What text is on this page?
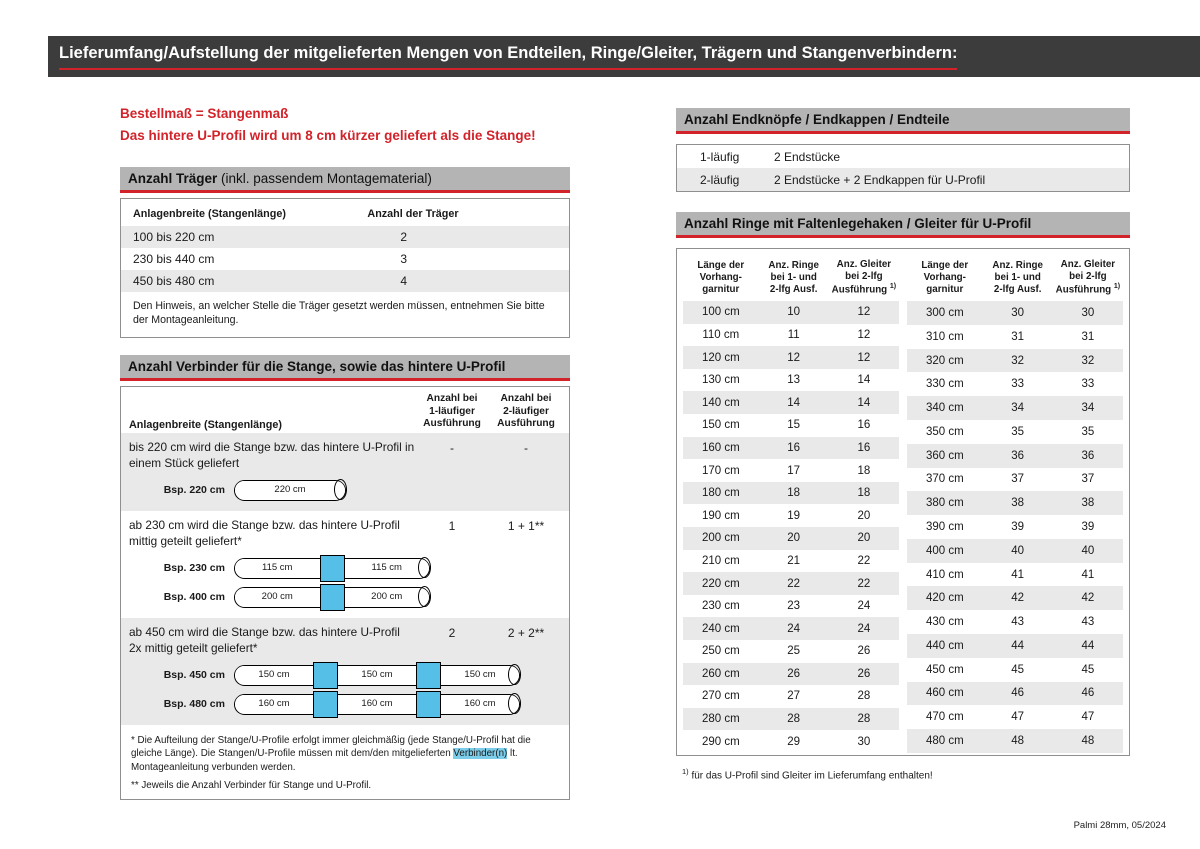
Lieferumfang/Aufstellung der mitgelieferten Mengen von Endteilen, Ringe/Gleiter, Trägern und Stangenverbindern:
Bestellmaß = Stangenmaß
Das hintere U-Profil wird um 8 cm kürzer geliefert als die Stange!
Anzahl Träger (inkl. passendem Montagematerial)
Anlagenbreite (Stangenlänge)	Anzahl der Träger
100 bis 220 cm	2
230 bis 440 cm	3
450 bis 480 cm	4
Den Hinweis, an welcher Stelle die Träger gesetzt werden müssen, entnehmen Sie bitte der Montageanleitung.
Anzahl Verbinder für die Stange, sowie das hintere U-Profil
Anlagenbreite (Stangenlänge)
Anzahl bei
1-läufiger
Ausführung
Anzahl bei
2-läufiger
Ausführung
bis 220 cm wird die Stange bzw. das hintere U-Profil in einem Stück geliefert
-	-
Bsp. 220 cm	220 cm
ab 230 cm wird die Stange bzw. das hintere U-Profil mittig geteilt geliefert*
1	1 + 1**
Bsp. 230 cm	115 cm	115 cm
Bsp. 400 cm	200 cm	200 cm
ab 450 cm wird die Stange bzw. das hintere U-Profil 2x mittig geteilt geliefert*
2	2 + 2**
Bsp. 450 cm	150 cm	150 cm	150 cm
Bsp. 480 cm	160 cm	160 cm	160 cm
* Die Aufteilung der Stange/U-Profile erfolgt immer gleichmäßig (jede Stange/U-Profil hat die gleiche Länge). Die Stangen/U-Profile müssen mit dem/den mitgelieferten Verbinder(n) lt. Montageanleitung verbunden werden.
** Jeweils die Anzahl Verbinder für Stange und U-Profil.
Anzahl Endknöpfe / Endkappen / Endteile
1-läufig	2 Endstücke
2-läufig	2 Endstücke + 2 Endkappen für U-Profil
Anzahl Ringe mit Faltenlegehaken / Gleiter für U-Profil
Länge der
Vorhang-
garnitur	Anz. Ringe
bei 1- und
2-lfg Ausf.	Anz. Gleiter
bei 2-lfg
Ausführung $^{1)}$

100 cm	10	12
110 cm	11	12
120 cm	12	12
130 cm	13	14
140 cm	14	14
150 cm	15	16
160 cm	16	16
170 cm	17	18
180 cm	18	18
190 cm	19	20
200 cm	20	20
210 cm	21	22
220 cm	22	22
230 cm	23	24
240 cm	24	24
250 cm	25	26
260 cm	26	26
270 cm	27	28
280 cm	28	28
290 cm	29	30
Länge der
Vorhang-
garnitur	Anz. Ringe
bei 1- und
2-lfg Ausf.	Anz. Gleiter
bei 2-lfg
Ausführung $^{1)}$

300 cm	30	30
310 cm	31	31
320 cm	32	32
330 cm	33	33
340 cm	34	34
350 cm	35	35
360 cm	36	36
370 cm	37	37
380 cm	38	38
390 cm	39	39
400 cm	40	40
410 cm	41	41
420 cm	42	42
430 cm	43	43
440 cm	44	44
450 cm	45	45
460 cm	46	46
470 cm	47	47
480 cm	48	48
$^{1)}$ für das U-Profil sind Gleiter im Lieferumfang enthalten!
Palmi 28mm, 05/2024
